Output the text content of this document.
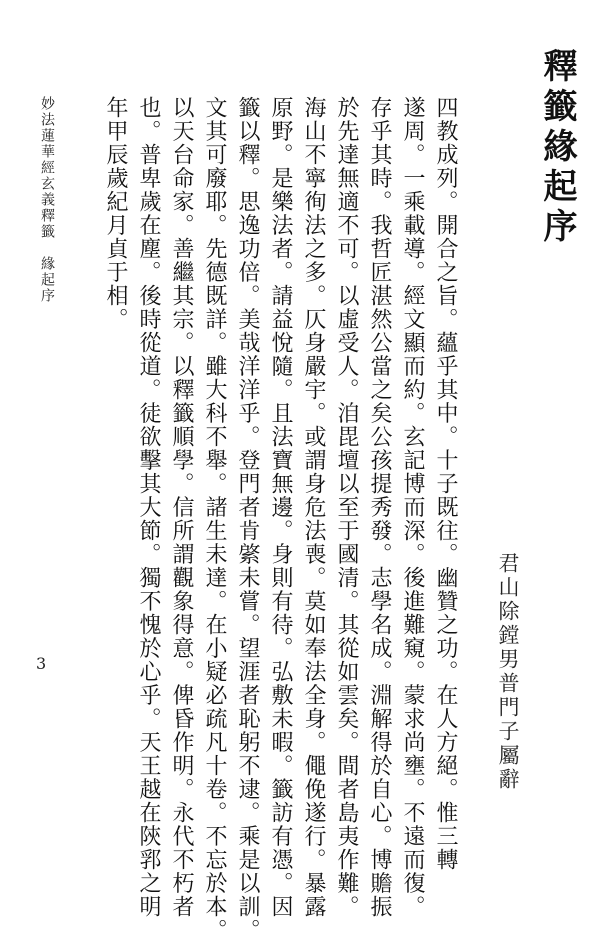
釋籤緣起序
君山除鏜男普門子屬辭
四教成列。開合之旨。蘊乎其中。十子既往。幽贊之功。在人方絕。惟三轉
遂周。一乘載導。經文顯而約。玄記博而深。後進難窺。蒙求尚壅。不遠而復。
存乎其時。我哲匠湛然公當之矣公孩提秀發。志學名成。淵解得於自心。博贍振
於先達無適不可。以虛受人。洎毘壇以至于國清。其從如雲矣。間者島夷作難。
海山不寧徇法之多。仄身嚴宇。或謂身危法喪。莫如奉法全身。僶俛遂行。暴露
原野。是樂法者。請益悅隨。且法寶無邊。身則有待。弘敷未暇。籤訪有憑。因
籤以釋。思逸功倍。美哉洋洋乎。登門者肯綮未嘗。望涯者恥躬不逮。乘是以訓。
文其可廢耶。先德既詳。雖大科不舉。諸生未達。在小疑必疏凡十卷。不忘於本。
以天台命家。善繼其宗。以釋籤順學。信所謂觀象得意。俾昏作明。永代不朽者
也。普卑歲在塵。後時從道。徒欲擊其大節。獨不愧於心乎。天王越在陝郛之明
年甲辰歲紀月貞于相。
妙法蓮華經玄義釋籤　緣起序
3
